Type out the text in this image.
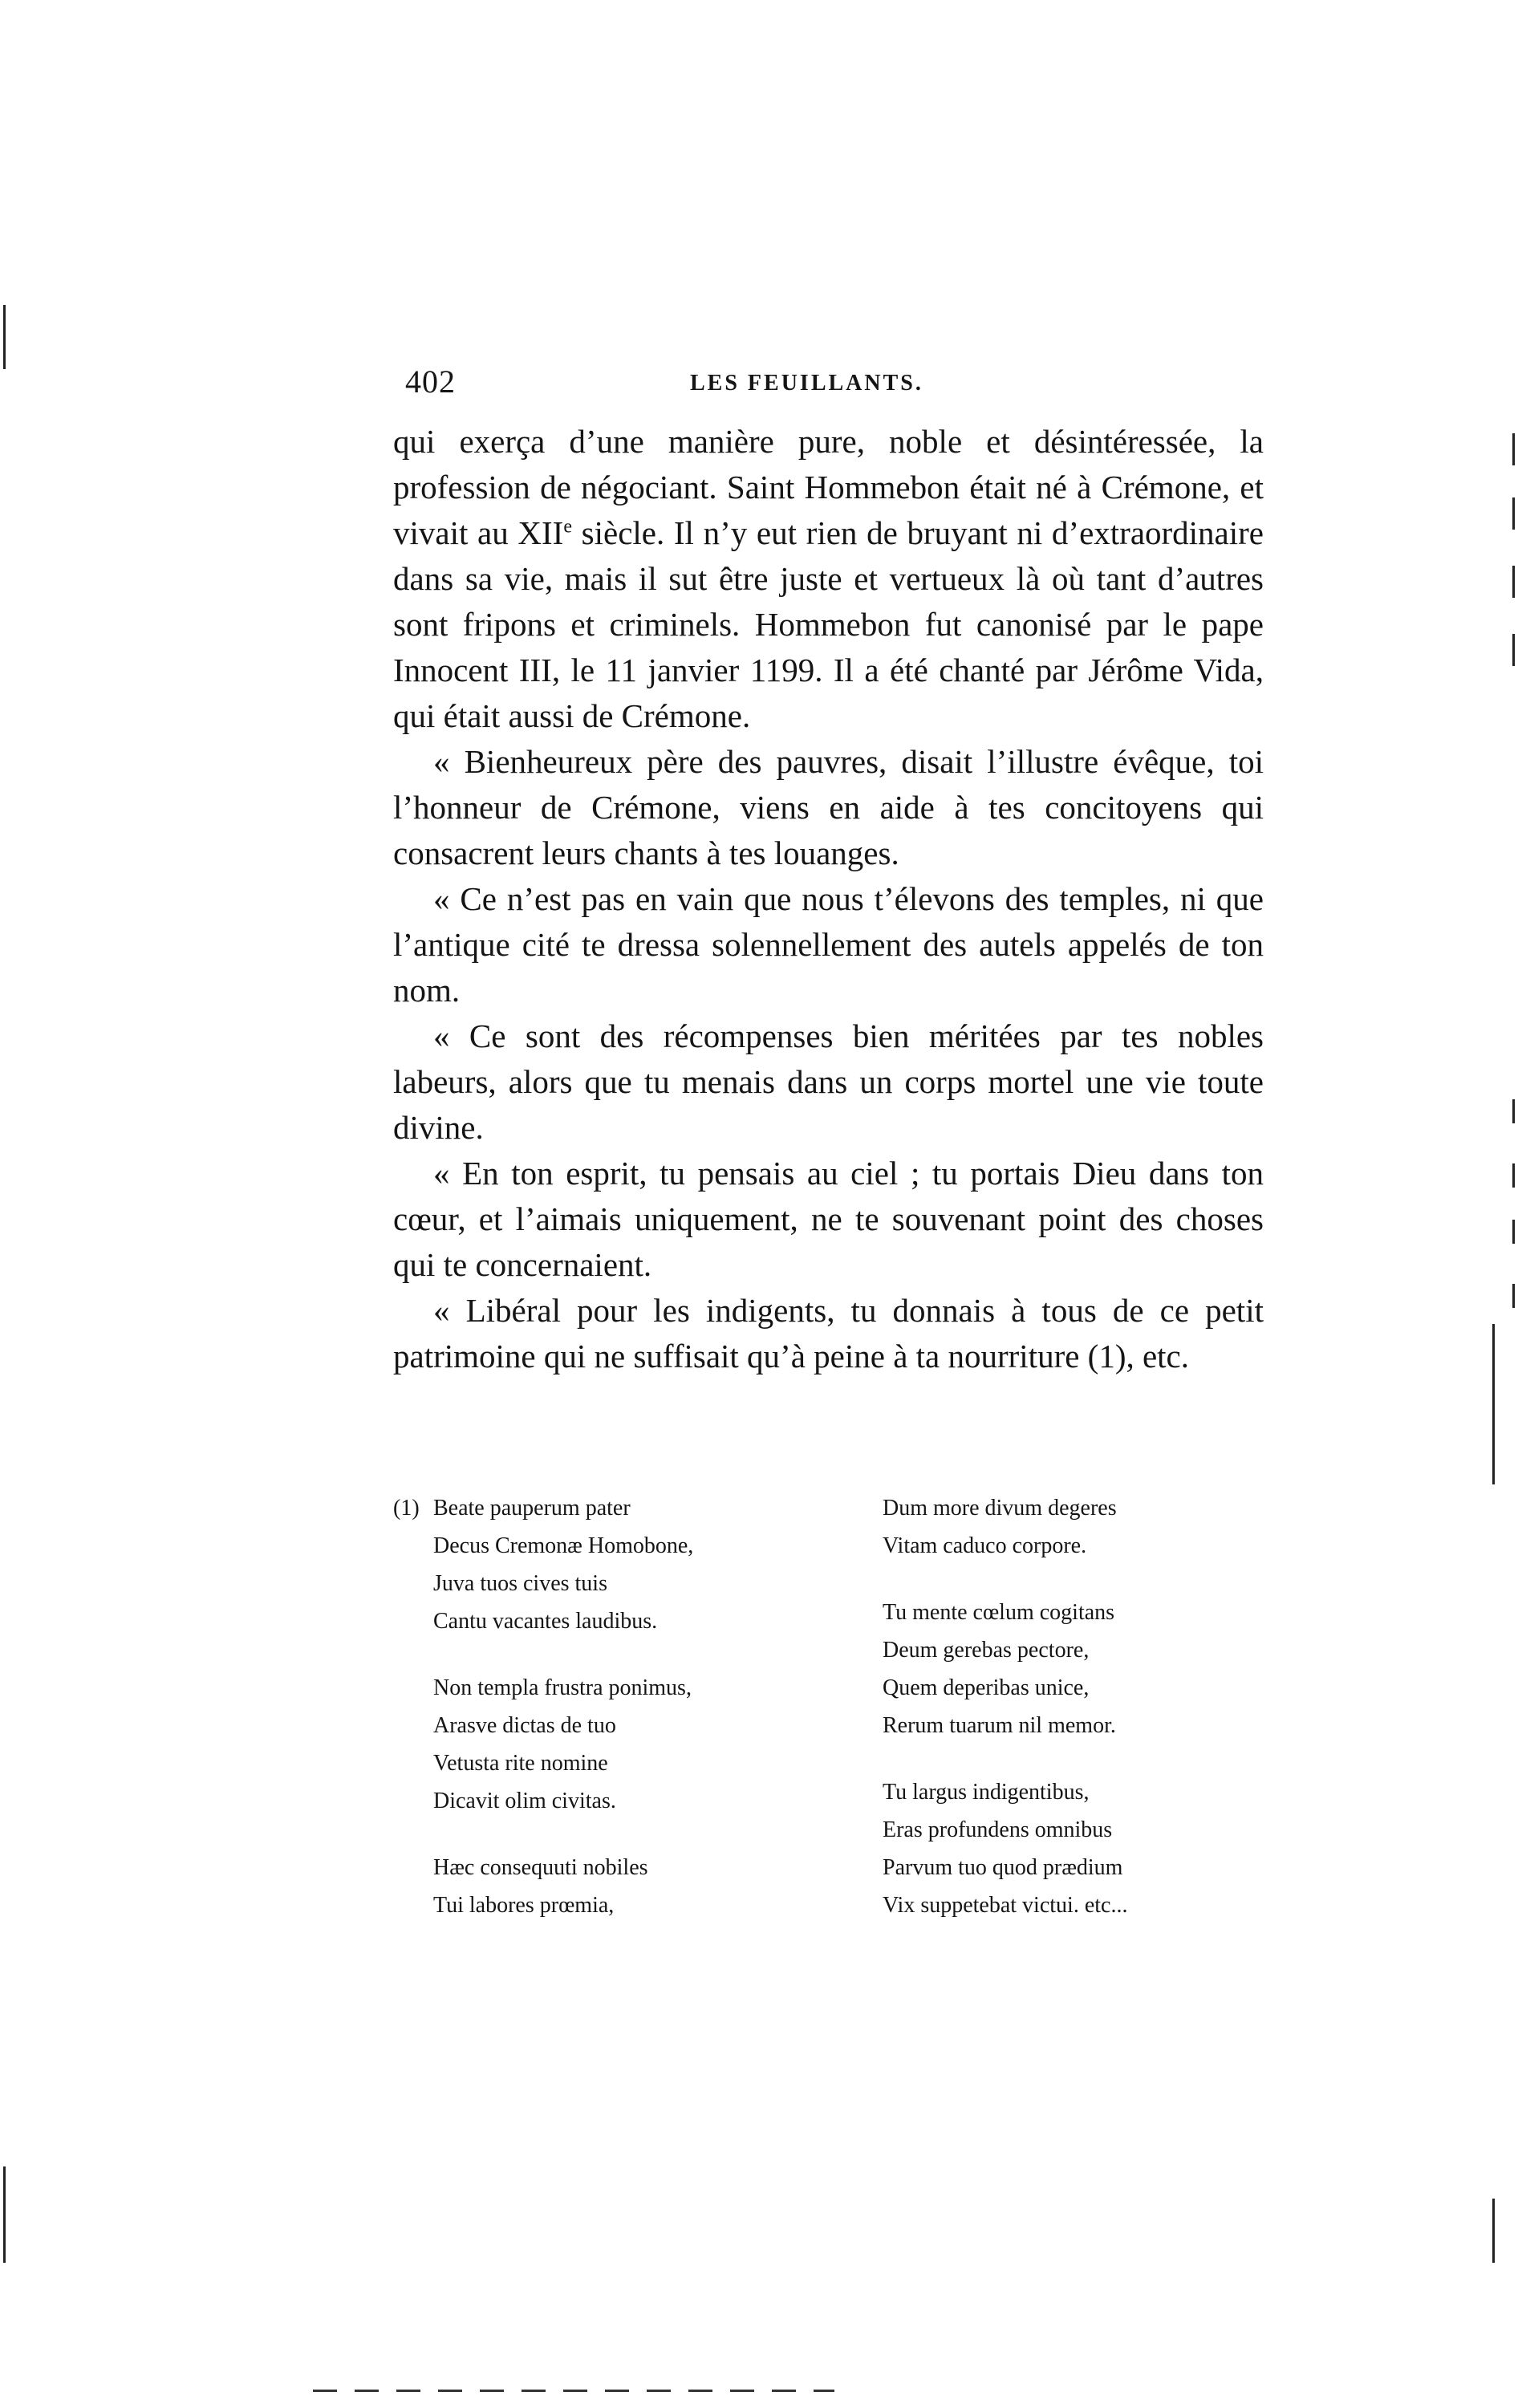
402	LES FEUILLANTS.

qui exerça d’une manière pure, noble et désintéressée, la profession de négociant. Saint Hommebon était né à Crémone, et vivait au XIIe siècle. Il n’y eut rien de bruyant ni d’extraordinaire dans sa vie, mais il sut être juste et vertueux là où tant d’autres sont fripons et criminels. Hommebon fut canonisé par le pape Innocent III, le 11 janvier 1199. Il a été chanté par Jérôme Vida, qui était aussi de Crémone.

« Bienheureux père des pauvres, disait l’illustre évêque, toi l’honneur de Crémone, viens en aide à tes concitoyens qui consacrent leurs chants à tes louanges.

« Ce n’est pas en vain que nous t’élevons des temples, ni que l’antique cité te dressa solennellement des autels appelés de ton nom.

« Ce sont des récompenses bien méritées par tes nobles labeurs, alors que tu menais dans un corps mortel une vie toute divine.

« En ton esprit, tu pensais au ciel ; tu portais Dieu dans ton cœur, et l’aimais uniquement, ne te souvenant point des choses qui te concernaient.

« Libéral pour les indigents, tu donnais à tous de ce petit patrimoine qui ne suffisait qu’à peine à ta nourriture (1), etc.

(1) Beate pauperum pater
Decus Cremonæ Homobone,
Juva tuos cives tuis
Cantu vacantes laudibus.
Non templa frustra ponimus,
Arasve dictas de tuo
Vetusta rite nomine
Dicavit olim civitas.
Hæc consequuti nobiles
Tui labores prœmia,
Dum more divum degeres
Vitam caduco corpore.
Tu mente cœlum cogitans
Deum gerebas pectore,
Quem deperibas unice,
Rerum tuarum nil memor.
Tu largus indigentibus,
Eras profundens omnibus
Parvum tuo quod prædium
Vix suppetebat victui. etc...
